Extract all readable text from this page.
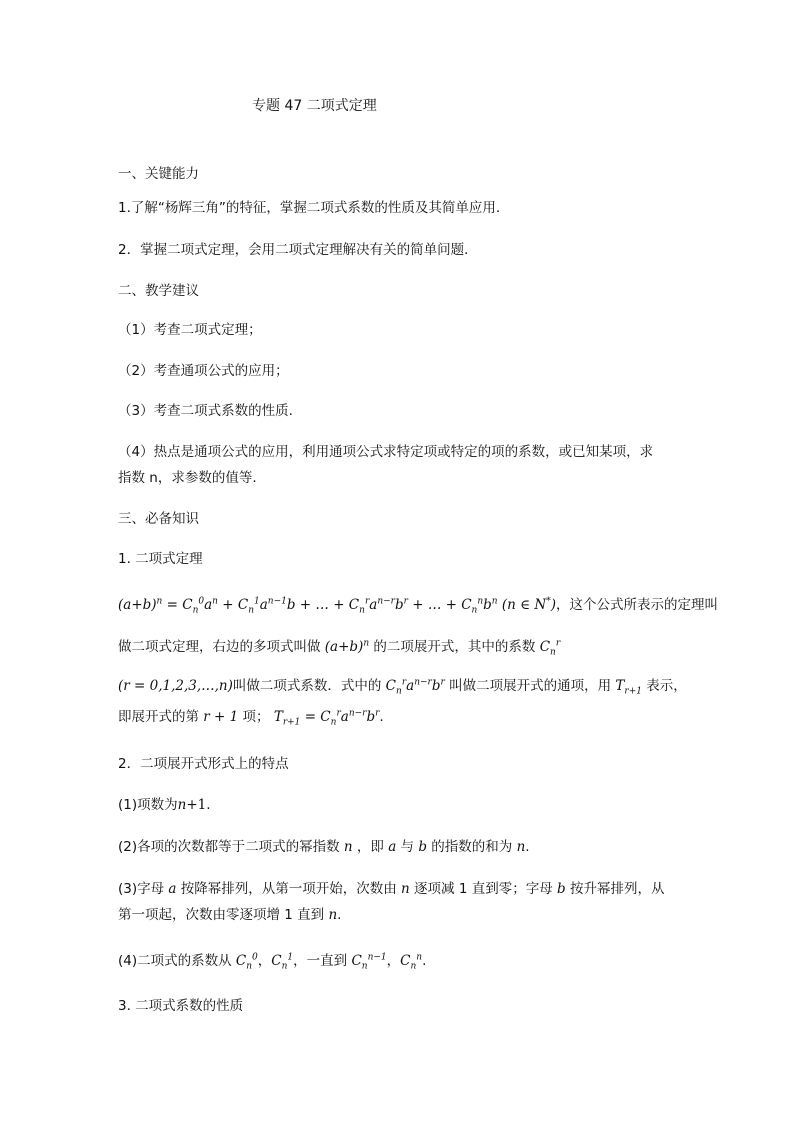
专题 47 二项式定理
一、关键能力
1.了解“杨辉三角”的特征，掌握二项式系数的性质及其简单应用.
2．掌握二项式定理，会用二项式定理解决有关的简单问题．
二、教学建议
（1）考查二项式定理；
（2）考查通项公式的应用；
（3）考查二项式系数的性质.
（4）热点是通项公式的应用，利用通项公式求特定项或特定的项的系数，或已知某项，求
指数 n，求参数的值等.
三、必备知识
1. 二项式定理
$(a+b)^n = C_n^0a^n + C_n^1a^{n-1}b$ + … + $C_n^ra^{n-r}b^r$ + … + $C_n^nb^n$ (n ∈ N*)，这个公式所表示的定理叫
做二项式定理，右边的多项式叫做 $(a+b)^n$ 的二项展开式，其中的系数 $C_n^r$
(r = 0,1,2,3,…,n)叫做二项式系数．式中的 $C_n^ra^{n-r}b^r$ 叫做二项展开式的通项，用 $T_{r+1}$ 表示，
即展开式的第 r + 1 项； $T_{r+1} = C_n^ra^{n-r}b^r$.
2．二项展开式形式上的特点
(1)项数为n+1.
(2)各项的次数都等于二项式的幂指数 n ，即 a 与 b 的指数的和为 n.
(3)字母 a 按降幂排列，从第一项开始，次数由 n 逐项减 1 直到零；字母 b 按升幂排列，从
第一项起，次数由零逐项增 1 直到 n.
(4)二项式的系数从 $C_n^0$，$C_n^1$，一直到 $C_n^{n-1}$，$C_n^n$.
3. 二项式系数的性质
